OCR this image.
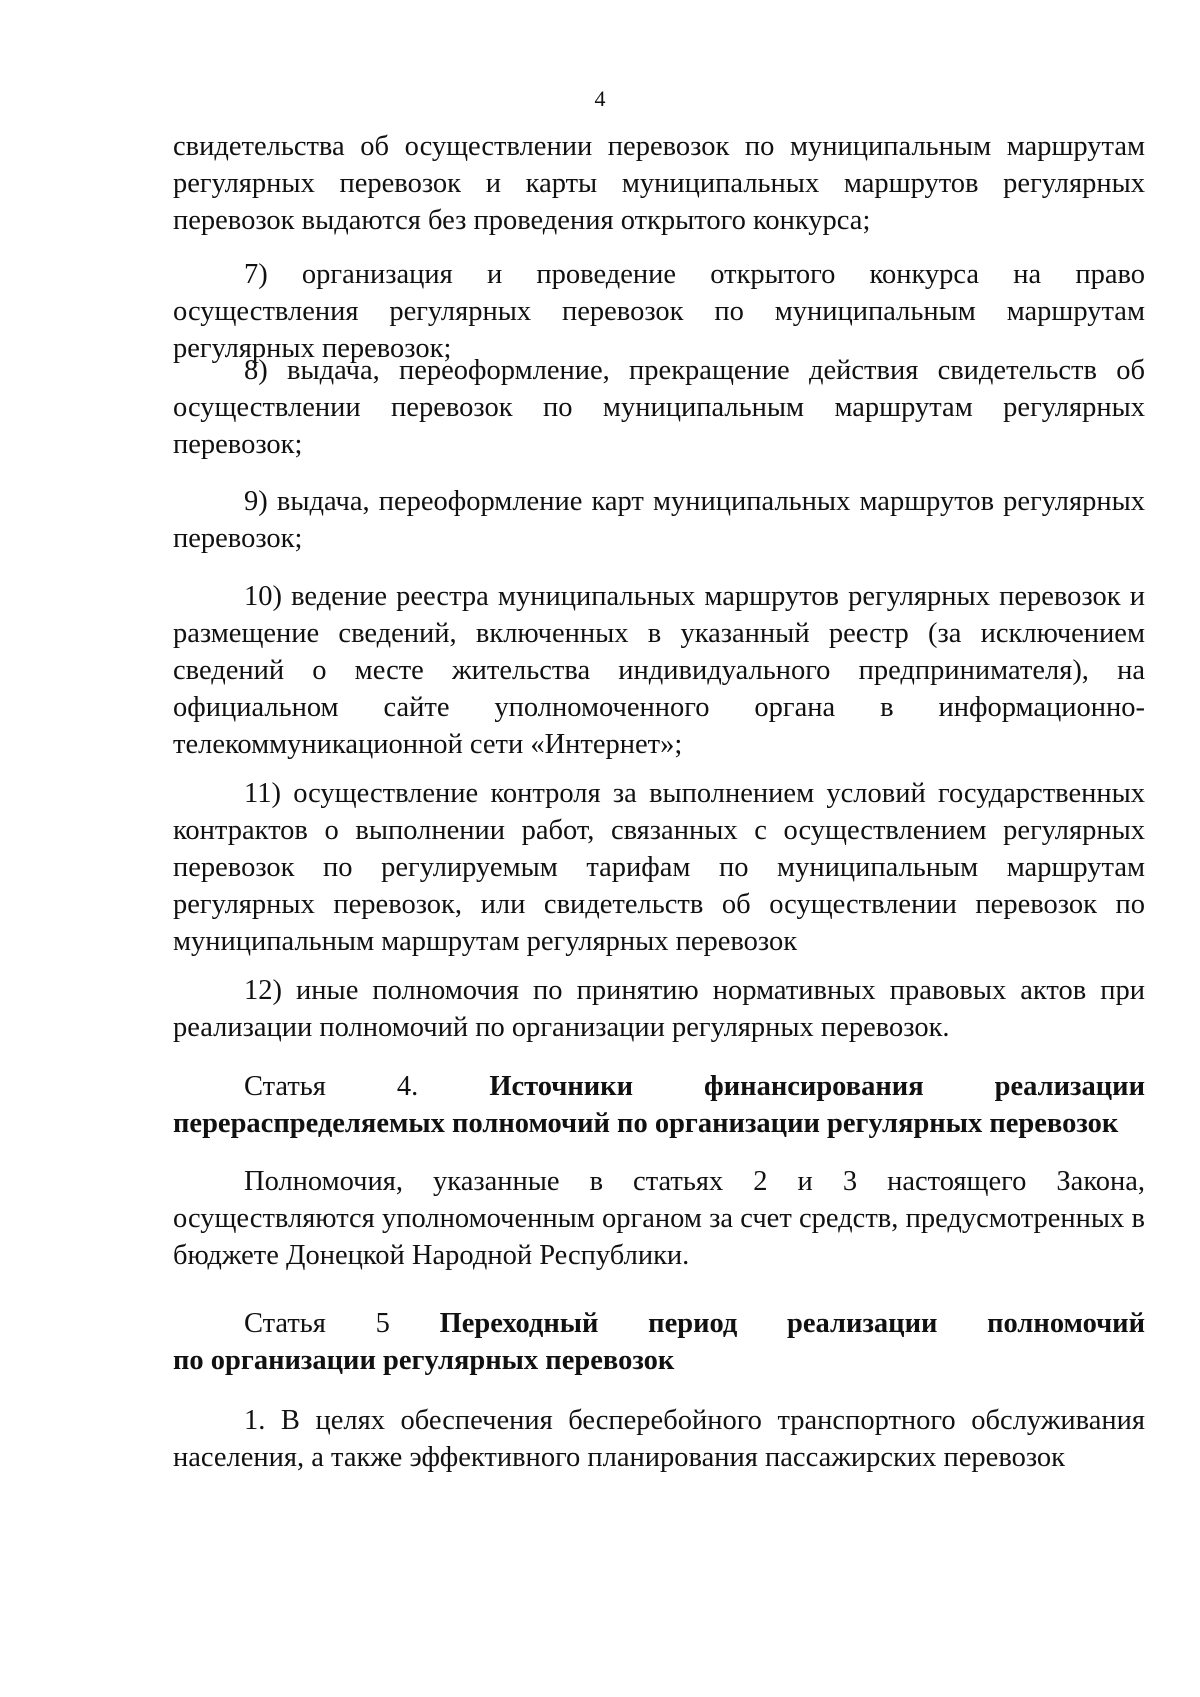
4

свидетельства об осуществлении перевозок по муниципальным маршрутам регулярных перевозок и карты муниципальных маршрутов регулярных перевозок выдаются без проведения открытого конкурса;

7) организация и проведение открытого конкурса на право осуществления регулярных перевозок по муниципальным маршрутам регулярных перевозок;

8) выдача, переоформление, прекращение действия свидетельств об осуществлении перевозок по муниципальным маршрутам регулярных перевозок;

9) выдача, переоформление карт муниципальных маршрутов регулярных перевозок;

10) ведение реестра муниципальных маршрутов регулярных перевозок и размещение сведений, включенных в указанный реестр (за исключением сведений о месте жительства индивидуального предпринимателя), на официальном сайте уполномоченного органа в информационно-телекоммуникационной сети «Интернет»;

11) осуществление контроля за выполнением условий государственных контрактов о выполнении работ, связанных с осуществлением регулярных перевозок по регулируемым тарифам по муниципальным маршрутам регулярных перевозок, или свидетельств об осуществлении перевозок по муниципальным маршрутам регулярных перевозок

12) иные полномочия по принятию нормативных правовых актов при реализации полномочий по организации регулярных перевозок.

Статья 4. Источники финансирования реализации
перераспределяемых полномочий по организации регулярных перевозок

Полномочия, указанные в статьях 2 и 3 настоящего Закона, осуществляются уполномоченным органом за счет средств, предусмотренных в бюджете Донецкой Народной Республики.

Статья 5 Переходный период реализации полномочий
по организации регулярных перевозок

1. В целях обеспечения бесперебойного транспортного обслуживания населения, а также эффективного планирования пассажирских перевозок
